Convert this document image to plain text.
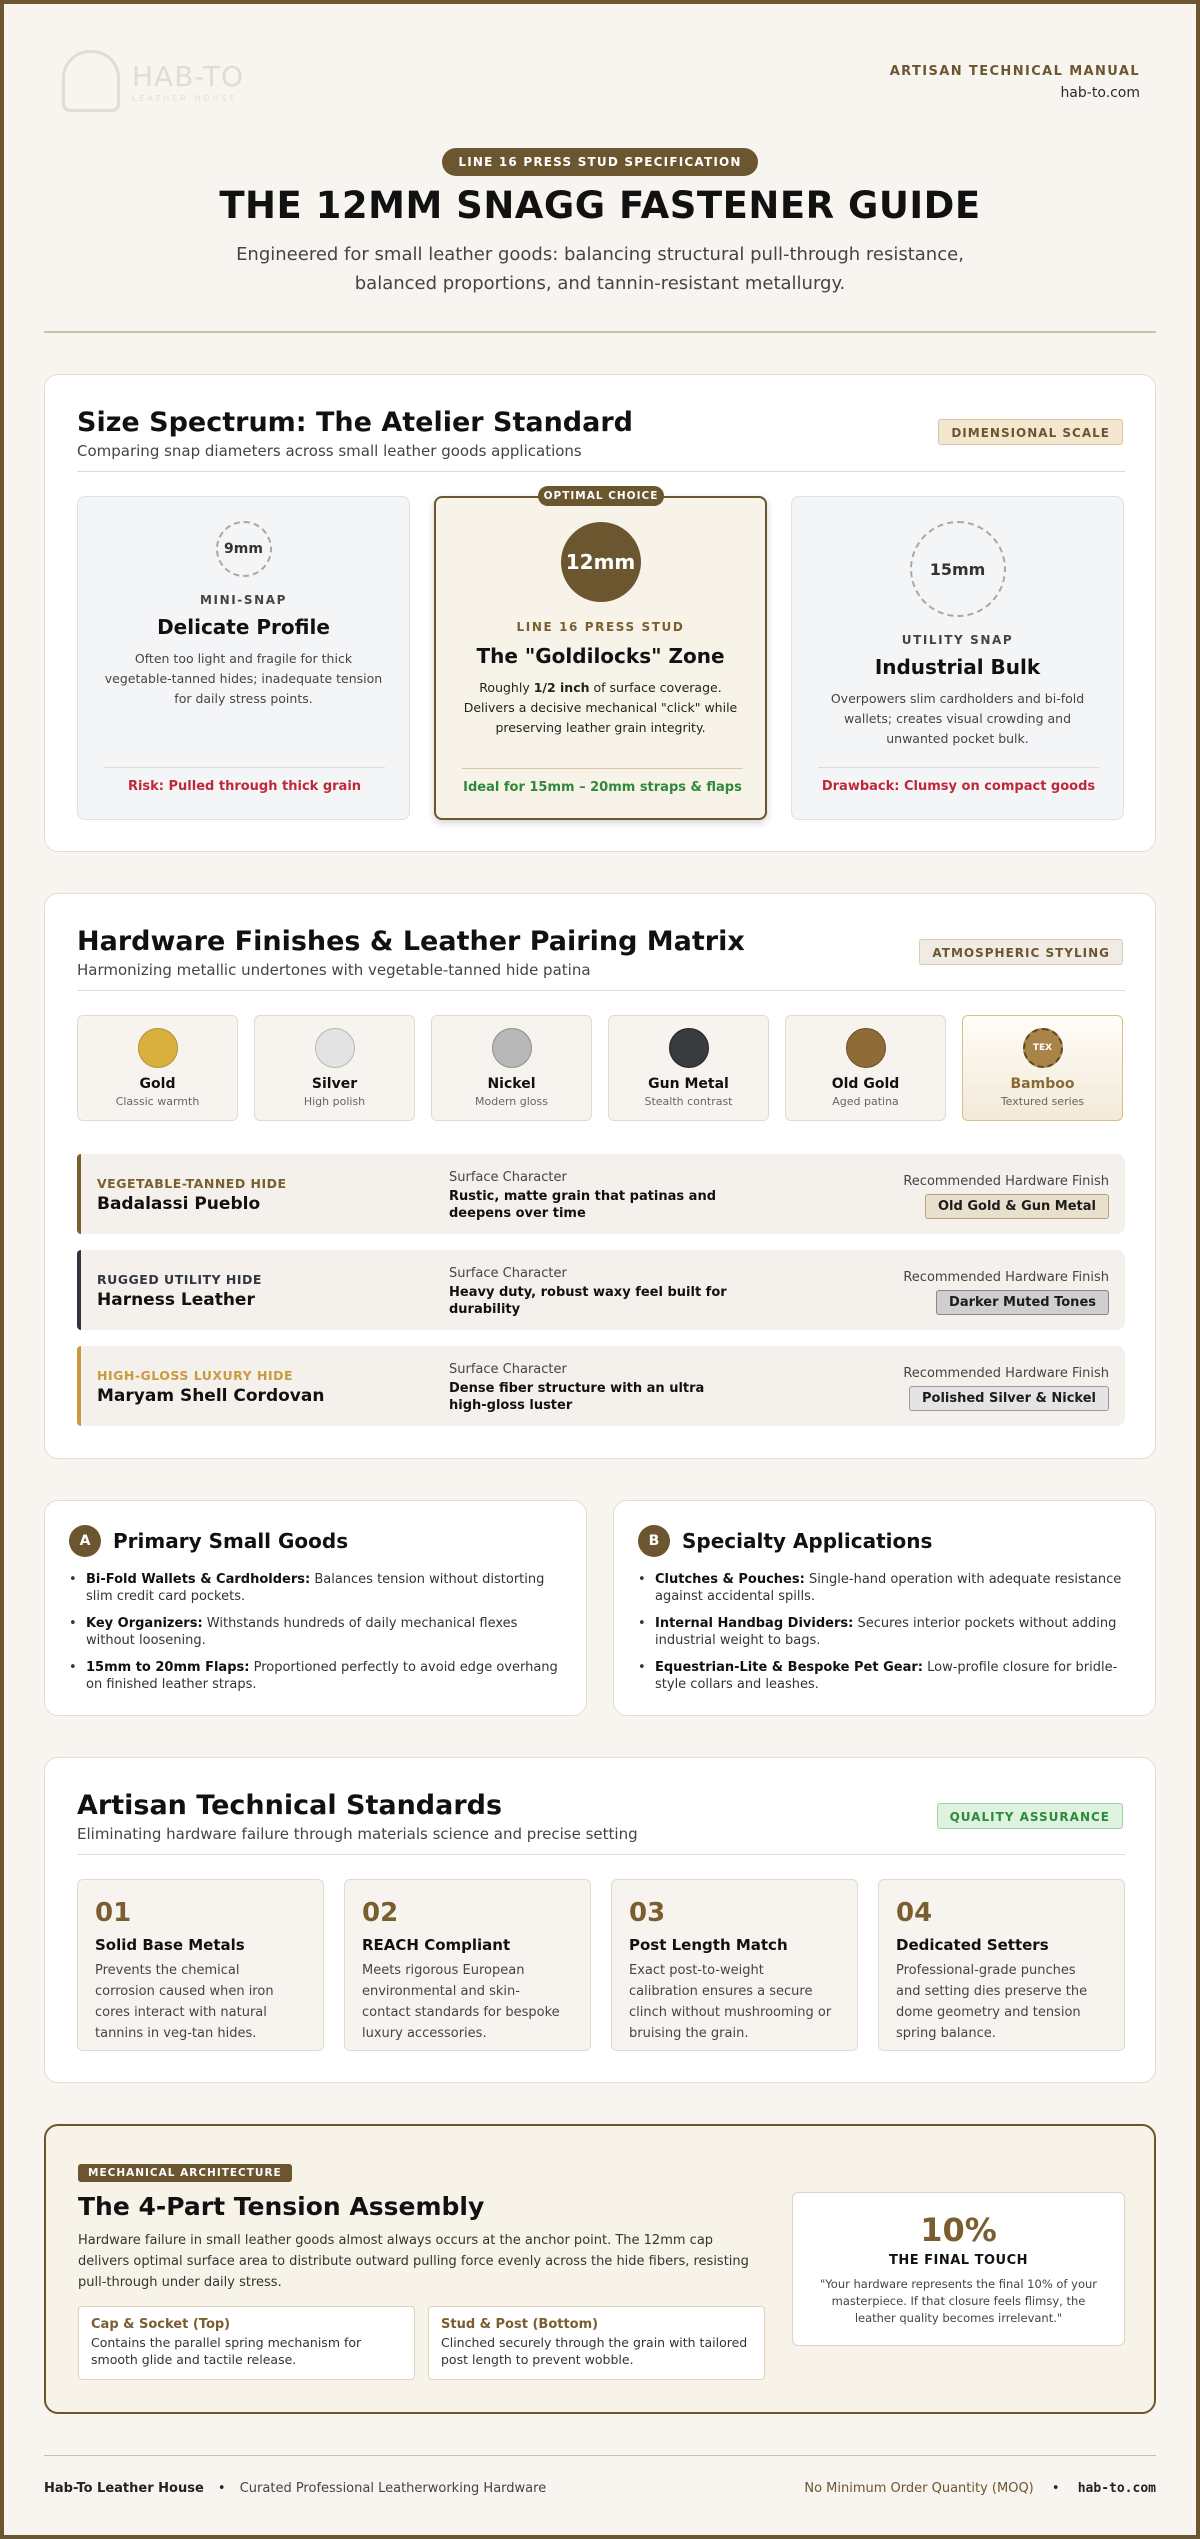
HAB-TO
LEATHER HOUSE
ARTISAN TECHNICAL MANUAL
hab-to.com
LINE 16 PRESS STUD SPECIFICATION
THE 12MM SNAGG FASTENER GUIDE
Engineered for small leather goods: balancing structural pull-through resistance, balanced proportions, and tannin-resistant metallurgy.
Size Spectrum: The Atelier Standard
Comparing snap diameters across small leather goods applications
DIMENSIONAL SCALE
9mm
MINI-SNAP
Delicate Profile
Often too light and fragile for thick vegetable-tanned hides; inadequate tension for daily stress points.
Risk: Pulled through thick grain
OPTIMAL CHOICE
12mm
LINE 16 PRESS STUD
The "Goldilocks" Zone
Roughly 1/2 inch of surface coverage. Delivers a decisive mechanical "click" while preserving leather grain integrity.
Ideal for 15mm – 20mm straps & flaps
15mm
UTILITY SNAP
Industrial Bulk
Overpowers slim cardholders and bi-fold wallets; creates visual crowding and unwanted pocket bulk.
Drawback: Clumsy on compact goods
Hardware Finishes & Leather Pairing Matrix
Harmonizing metallic undertones with vegetable-tanned hide patina
ATMOSPHERIC STYLING
Gold
Classic warmth
Silver
High polish
Nickel
Modern gloss
Gun Metal
Stealth contrast
Old Gold
Aged patina
TEX
Bamboo
Textured series
VEGETABLE-TANNED HIDE
Badalassi Pueblo
Surface Character
Rustic, matte grain that patinas and deepens over time
Recommended Hardware Finish
Old Gold & Gun Metal
RUGGED UTILITY HIDE
Harness Leather
Surface Character
Heavy duty, robust waxy feel built for durability
Recommended Hardware Finish
Darker Muted Tones
HIGH-GLOSS LUXURY HIDE
Maryam Shell Cordovan
Surface Character
Dense fiber structure with an ultra high-gloss luster
Recommended Hardware Finish
Polished Silver & Nickel
A	Primary Small Goods
• Bi-Fold Wallets & Cardholders: Balances tension without distorting slim credit card pockets.
• Key Organizers: Withstands hundreds of daily mechanical flexes without loosening.
• 15mm to 20mm Flaps: Proportioned perfectly to avoid edge overhang on finished leather straps.
B	Specialty Applications
• Clutches & Pouches: Single-hand operation with adequate resistance against accidental spills.
• Internal Handbag Dividers: Secures interior pockets without adding industrial weight to bags.
• Equestrian-Lite & Bespoke Pet Gear: Low-profile closure for bridle-style collars and leashes.
Artisan Technical Standards
Eliminating hardware failure through materials science and precise setting
QUALITY ASSURANCE
01
Solid Base Metals
Prevents the chemical corrosion caused when iron cores interact with natural tannins in veg-tan hides.
02
REACH Compliant
Meets rigorous European environmental and skin-contact standards for bespoke luxury accessories.
03
Post Length Match
Exact post-to-weight calibration ensures a secure clinch without mushrooming or bruising the grain.
04
Dedicated Setters
Professional-grade punches and setting dies preserve the dome geometry and tension spring balance.
MECHANICAL ARCHITECTURE
The 4-Part Tension Assembly
Hardware failure in small leather goods almost always occurs at the anchor point. The 12mm cap delivers optimal surface area to distribute outward pulling force evenly across the hide fibers, resisting pull-through under daily stress.
Cap & Socket (Top)
Contains the parallel spring mechanism for smooth glide and tactile release.
Stud & Post (Bottom)
Clinched securely through the grain with tailored post length to prevent wobble.
10%
THE FINAL TOUCH
"Your hardware represents the final 10% of your masterpiece. If that closure feels flimsy, the leather quality becomes irrelevant."
Hab-To Leather House • Curated Professional Leatherworking Hardware	No Minimum Order Quantity (MOQ) • hab-to.com
